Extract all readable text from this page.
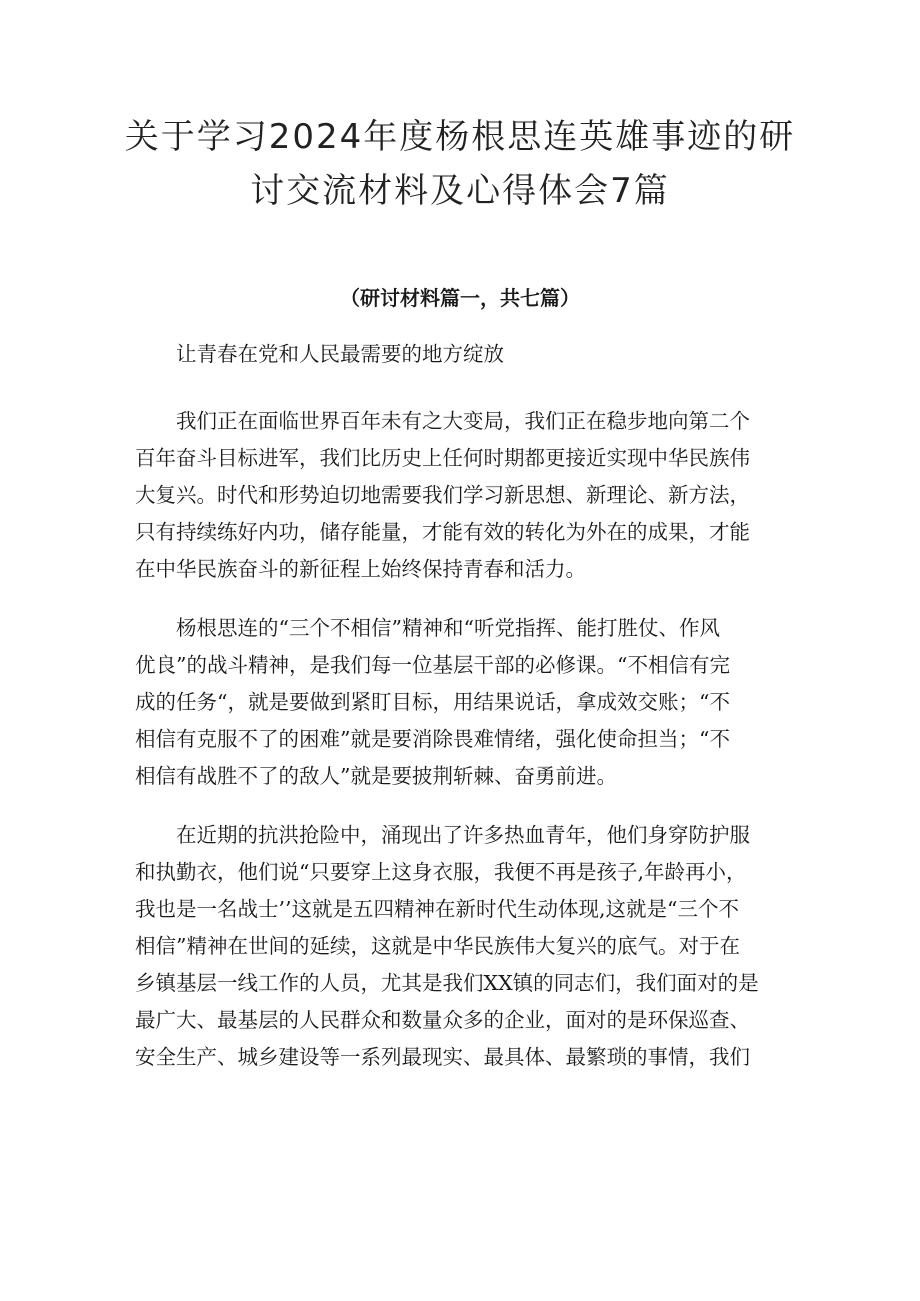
关于学习2024年度杨根思连英雄事迹的研
讨交流材料及心得体会7篇
（研讨材料篇一，共七篇）

让青春在党和人民最需要的地方绽放

我们正在面临世界百年未有之大变局，我们正在稳步地向第二个
百年奋斗目标进军，我们比历史上任何时期都更接近实现中华民族伟
大复兴。时代和形势迫切地需要我们学习新思想、新理论、新方法，
只有持续练好内功，储存能量，才能有效的转化为外在的成果，才能
在中华民族奋斗的新征程上始终保持青春和活力。

杨根思连的“三个不相信”精神和“听党指挥、能打胜仗、作风
优良”的战斗精神，是我们每一位基层干部的必修课。“不相信有完
成的任务“，就是要做到紧盯目标，用结果说话，拿成效交账；“不
相信有克服不了的困难”就是要消除畏难情绪，强化使命担当；“不
相信有战胜不了的敌人”就是要披荆斩棘、奋勇前进。

在近期的抗洪抢险中，涌现出了许多热血青年，他们身穿防护服
和执勤衣，他们说“只要穿上这身衣服，我便不再是孩子,年龄再小，
我也是一名战士’’这就是五四精神在新时代生动体现,这就是“三个不
相信”精神在世间的延续，这就是中华民族伟大复兴的底气。对于在
乡镇基层一线工作的人员，尤其是我们XX镇的同志们，我们面对的是
最广大、最基层的人民群众和数量众多的企业，面对的是环保巡查、
安全生产、城乡建设等一系列最现实、最具体、最繁琐的事情，我们
